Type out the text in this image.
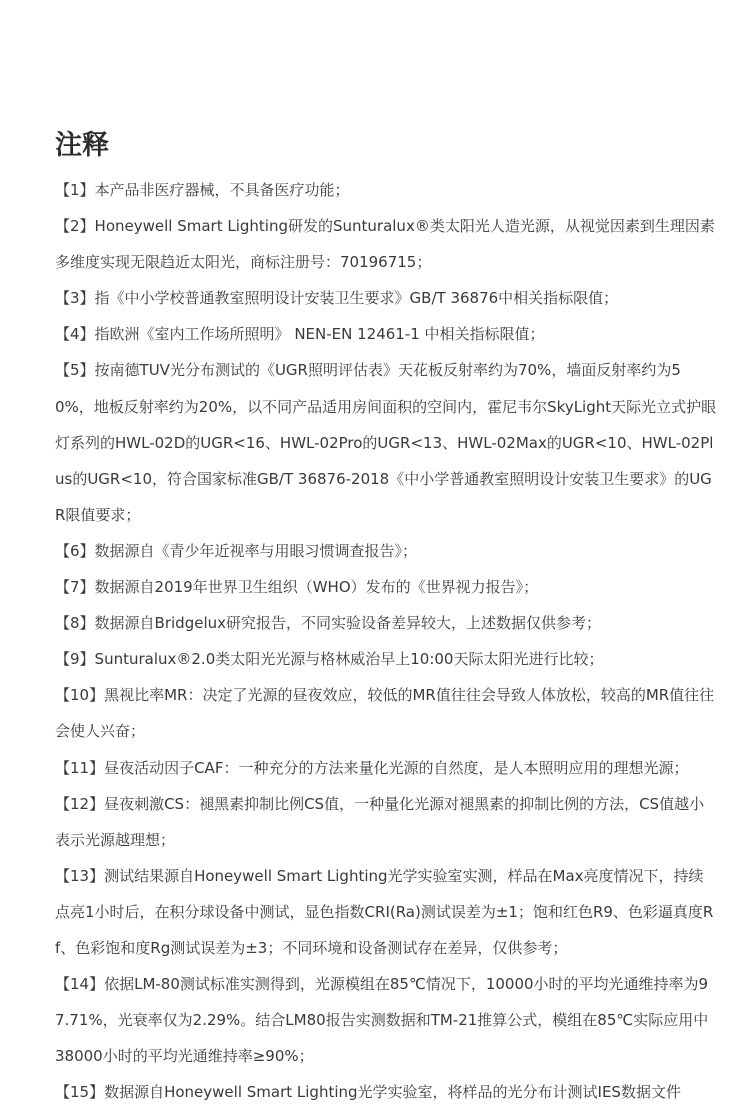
注释

【1】本产品非医疗器械，不具备医疗功能；

【2】Honeywell Smart Lighting研发的Sunturalux®类太阳光人造光源，从视觉因素到生理因素多维度实现无限趋近太阳光，商标注册号：70196715；

【3】指《中小学校普通教室照明设计安装卫生要求》GB/T 36876中相关指标限值；

【4】指欧洲《室内工作场所照明》 NEN-EN 12461-1 中相关指标限值；

【5】按南德TUV光分布测试的《UGR照明评估表》天花板反射率约为70%，墙面反射率约为50%，地板反射率约为20%，以不同产品适用房间面积的空间内，霍尼韦尔SkyLight天际光立式护眼灯系列的HWL-02D的UGR<16、HWL-02Pro的UGR<13、HWL-02Max的UGR<10、HWL-02Plus的UGR<10，符合国家标准GB/T 36876-2018《中小学普通教室照明设计安装卫生要求》的UGR限值要求；

【6】数据源自《青少年近视率与用眼习惯调查报告》；

【7】数据源自2019年世界卫生组织（WHO）发布的《世界视力报告》；

【8】数据源自Bridgelux研究报告，不同实验设备差异较大，上述数据仅供参考；

【9】Sunturalux®2.0类太阳光光源与格林威治早上10:00天际太阳光进行比较；

【10】黑视比率MR：决定了光源的昼夜效应，较低的MR值往往会导致人体放松，较高的MR值往往会使人兴奋；

【11】昼夜活动因子CAF：一种充分的方法来量化光源的自然度，是人本照明应用的理想光源；

【12】昼夜刺激CS：褪黑素抑制比例CS值，一种量化光源对褪黑素的抑制比例的方法，CS值越小表示光源越理想；

【13】测试结果源自Honeywell Smart Lighting光学实验室实测，样品在Max亮度情况下，持续点亮1小时后，在积分球设备中测试，显色指数CRI(Ra)测试误差为±1；饱和红色R9、色彩逼真度Rf、色彩饱和度Rg测试误差为±3；不同环境和设备测试存在差异，仅供参考；

【14】依据LM-80测试标准实测得到，光源模组在85℃情况下，10000小时的平均光通维持率为97.71%，光衰率仅为2.29%。结合LM80报告实测数据和TM-21推算公式，模组在85℃实际应用中38000小时的平均光通维持率≥90%；

【15】数据源自Honeywell Smart Lighting光学实验室，将样品的光分布计测试IES数据文件
